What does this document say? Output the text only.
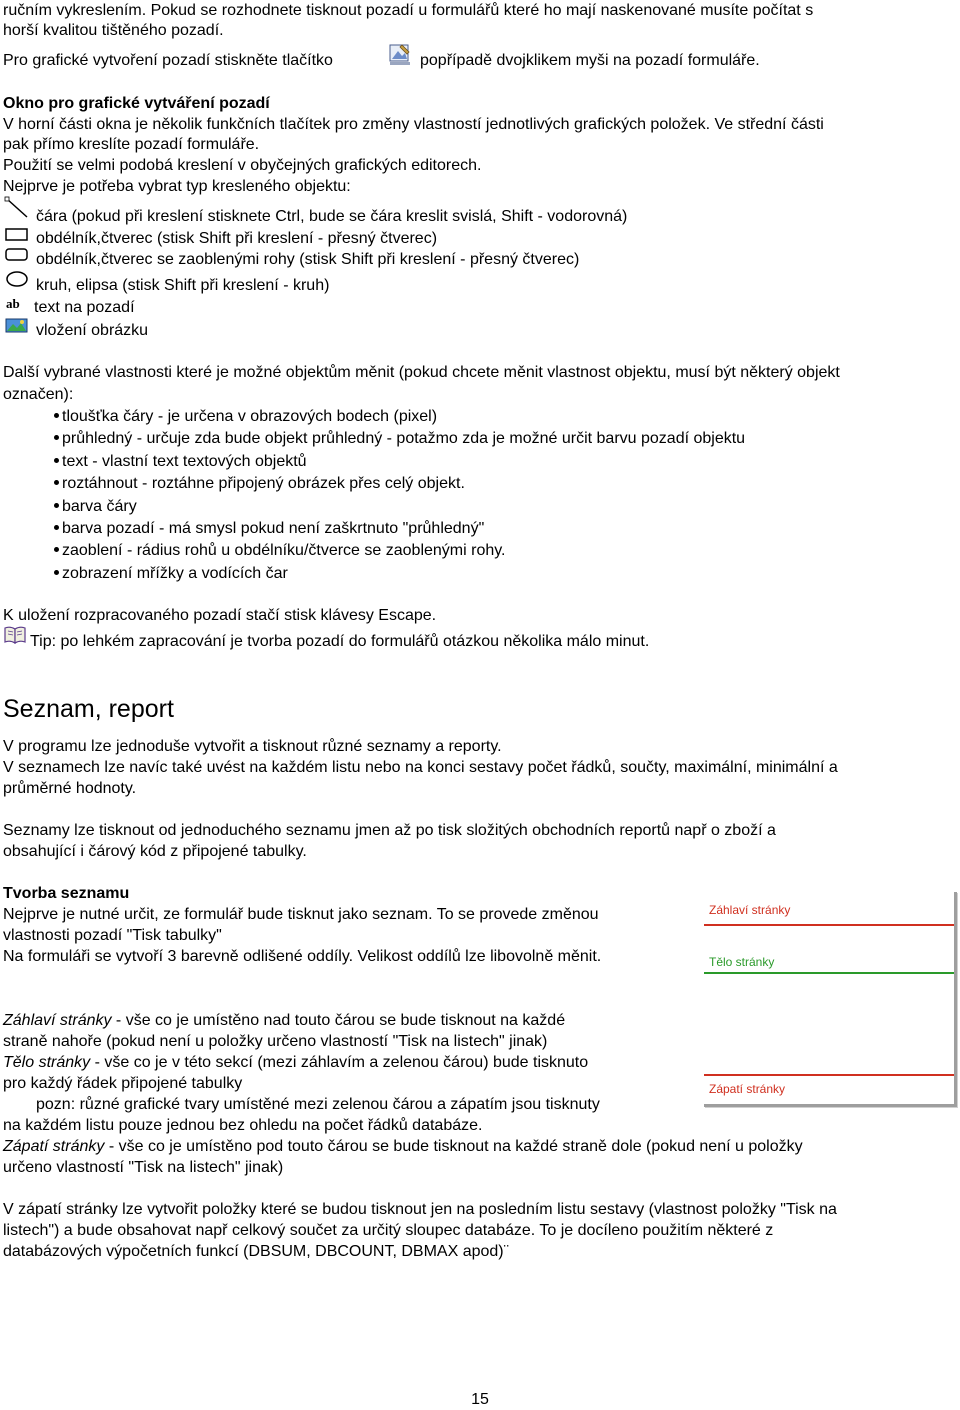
ručním vykreslením. Pokud se rozhodnete tisknout pozadí u formulářů které ho mají naskenované musíte počítat s
horší kvalitou tištěného pozadí.
Pro grafické vytvoření pozadí stiskněte tlačítko	popřípadě dvojklikem myši na pozadí formuláře.
Okno pro grafické vytváření pozadí
V horní části okna je několik funkčních tlačítek pro změny vlastností jednotlivých grafických položek. Ve střední části
pak přímo kreslíte pozadí formuláře.
Použití se velmi podobá kreslení v obyčejných grafických editorech.
Nejprve je potřeba vybrat typ kresleného objektu:
čára (pokud při kreslení stisknete Ctrl, bude se čára kreslit svislá, Shift - vodorovná)
obdélník,čtverec (stisk Shift při kreslení - přesný čtverec)
obdélník,čtverec se zaoblenými rohy (stisk Shift při kreslení - přesný čtverec)
kruh, elipsa (stisk Shift při kreslení - kruh)
ab text na pozadí
vložení obrázku
Další vybrané vlastnosti které je možné objektům měnit (pokud chcete měnit vlastnost objektu, musí být některý objekt
označen):
tloušťka čáry - je určena v obrazových bodech (pixel)
průhledný - určuje zda bude objekt průhledný - potažmo zda je možné určit barvu pozadí objektu
text - vlastní text textových objektů
roztáhnout - roztáhne připojený obrázek přes celý objekt.
barva čáry
barva pozadí - má smysl pokud není zaškrtnuto "průhledný"
zaoblení - rádius rohů u obdélníku/čtverce se zaoblenými rohy.
zobrazení mřížky a vodících čar
K uložení rozpracovaného pozadí stačí stisk klávesy Escape.
Tip: po lehkém zapracování je tvorba pozadí do formulářů otázkou několika málo minut.
Seznam, report
V programu lze jednoduše vytvořit a tisknout různé seznamy a reporty.
V seznamech lze navíc také uvést na každém listu nebo na konci sestavy počet řádků, součty, maximální, minimální a
průměrné hodnoty.
Seznamy lze tisknout od jednoduchého seznamu jmen až po tisk složitých obchodních reportů např o zboží a
obsahující i čárový kód z připojené tabulky.
Tvorba seznamu
Nejprve je nutné určit, ze formulář bude tisknut jako seznam. To se provede změnou
vlastnosti pozadí "Tisk tabulky"
Na formuláři se vytvoří 3 barevně odlišené oddíly. Velikost oddílů lze libovolně měnit.
Záhlaví stránky
Tělo stránky
Zápatí stránky
Záhlaví stránky - vše co je umístěno nad touto čárou se bude tisknout na každé
straně nahoře (pokud není u položky určeno vlastností "Tisk na listech" jinak)
Tělo stránky - vše co je v této sekcí (mezi záhlavím a zelenou čárou) bude tisknuto
pro každý řádek připojené tabulky
pozn: různé grafické tvary umístěné mezi zelenou čárou a zápatím jsou tisknuty
na každém listu pouze jednou bez ohledu na počet řádků databáze.
Zápatí stránky - vše co je umístěno pod touto čárou se bude tisknout na každé straně dole (pokud není u položky
určeno vlastností "Tisk na listech" jinak)
V zápatí stránky lze vytvořit položky které se budou tisknout jen na posledním listu sestavy (vlastnost položky "Tisk na
listech") a bude obsahovat např celkový součet za určitý sloupec databáze. To je docíleno použitím některé z
databázových výpočetních funkcí (DBSUM, DBCOUNT, DBMAX apod)¨
15
